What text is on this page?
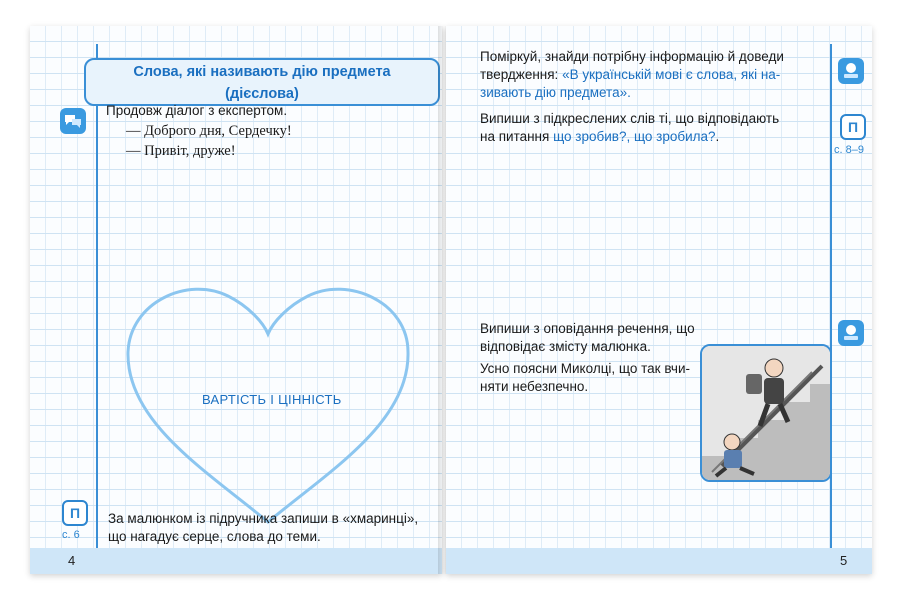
Слова, які називають дію предмета
(дієслова)
Продовж діалог з експертом.
— Доброго дня, Сердечку!
— Привіт, друже!
ВАРТІСТЬ І ЦІННІСТЬ
П
с. 6
За малюнком із підручника запиши в «хмаринці»,
що нагадує серце, слова до теми.
4
Поміркуй, знайди потрібну інформацію й доведи
твердження: «В українській мові є слова, які на-
зивають дію предмета».
Випиши з підкреслених слів ті, що відповідають
на питання що зробив?, що зробила?.
Випиши з оповідання речення, що
відповідає змісту малюнка.
Усно поясни Миколці, що так вчи-
няти небезпечно.
П
с. 8–9
5
